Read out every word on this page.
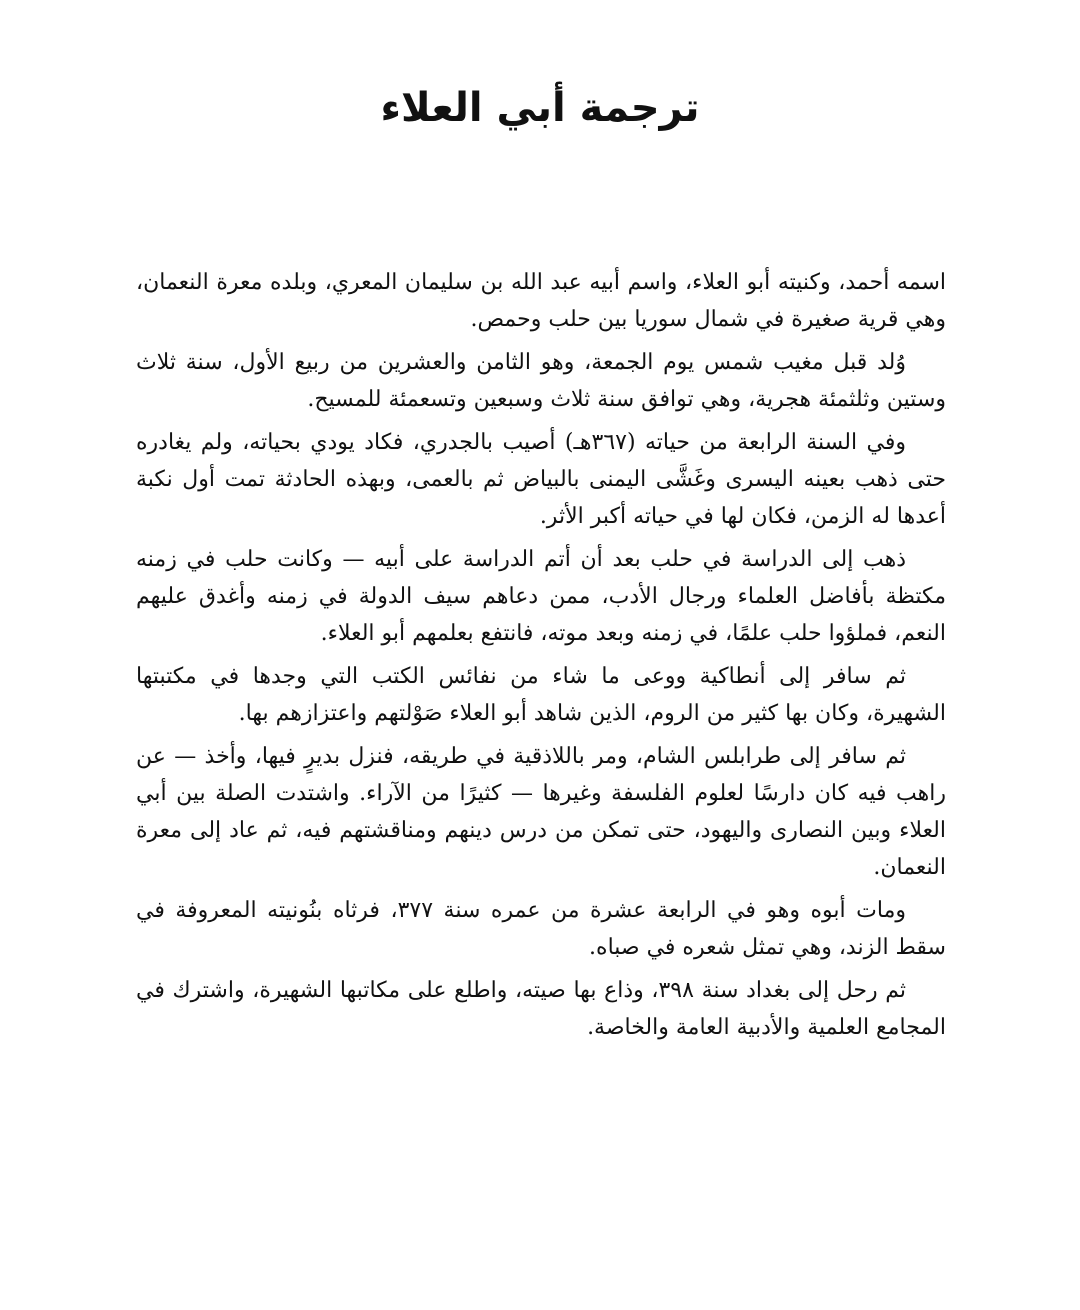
ترجمة أبي العلاء

اسمه أحمد، وكنيته أبو العلاء، واسم أبيه عبد الله بن سليمان المعري، وبلده معرة النعمان، وهي قرية صغيرة في شمال سوريا بين حلب وحمص.

وُلد قبل مغيب شمس يوم الجمعة، وهو الثامن والعشرين من ربيع الأول، سنة ثلاث وستين وثلثمئة هجرية، وهي توافق سنة ثلاث وسبعين وتسعمئة للمسيح.

وفي السنة الرابعة من حياته (٣٦٧هـ) أصيب بالجدري، فكاد يودي بحياته، ولم يغادره حتى ذهب بعينه اليسرى وغَشَّى اليمنى بالبياض ثم بالعمى، وبهذه الحادثة تمت أول نكبة أعدها له الزمن، فكان لها في حياته أكبر الأثر.

ذهب إلى الدراسة في حلب بعد أن أتم الدراسة على أبيه — وكانت حلب في زمنه مكتظة بأفاضل العلماء ورجال الأدب، ممن دعاهم سيف الدولة في زمنه وأغدق عليهم النعم، فملؤوا حلب علمًا، في زمنه وبعد موته، فانتفع بعلمهم أبو العلاء.

ثم سافر إلى أنطاكية ووعى ما شاء من نفائس الكتب التي وجدها في مكتبتها الشهيرة، وكان بها كثير من الروم، الذين شاهد أبو العلاء صَوْلتهم واعتزازهم بها.

ثم سافر إلى طرابلس الشام، ومر باللاذقية في طريقه، فنزل بديرٍ فيها، وأخذ — عن راهب فيه كان دارسًا لعلوم الفلسفة وغيرها — كثيرًا من الآراء. واشتدت الصلة بين أبي العلاء وبين النصارى واليهود، حتى تمكن من درس دينهم ومناقشتهم فيه، ثم عاد إلى معرة النعمان.

ومات أبوه وهو في الرابعة عشرة من عمره سنة ٣٧٧، فرثاه بنُونيته المعروفة في سقط الزند، وهي تمثل شعره في صباه.

ثم رحل إلى بغداد سنة ٣٩٨، وذاع بها صيته، واطلع على مكاتبها الشهيرة، واشترك في المجامع العلمية والأدبية العامة والخاصة.
